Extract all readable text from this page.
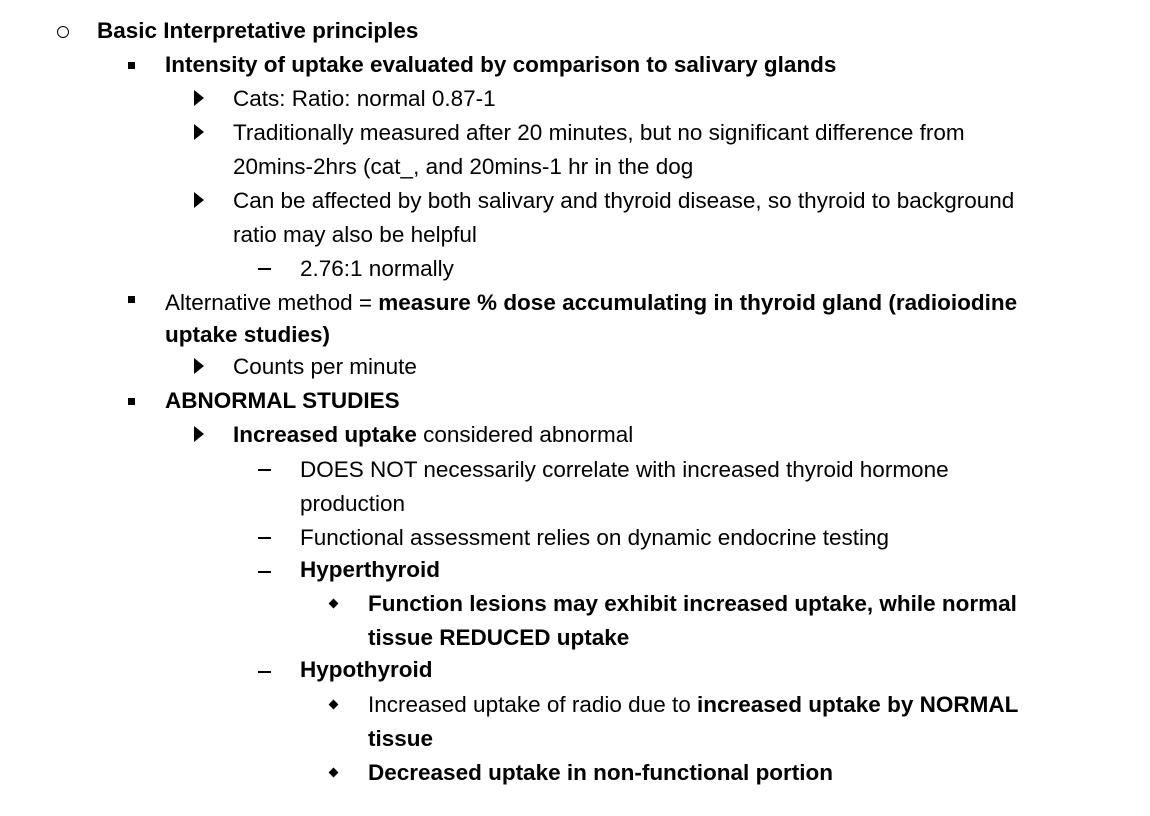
Basic Interpretative principles
Intensity of uptake evaluated by comparison to salivary glands
Cats: Ratio: normal 0.87-1
Traditionally measured after 20 minutes, but no significant difference from
20mins-2hrs (cat_, and 20mins-1 hr in the dog
Can be affected by both salivary and thyroid disease, so thyroid to background
ratio may also be helpful
2.76:1 normally
Alternative method = measure % dose accumulating in thyroid gland (radioiodine
uptake studies)
Counts per minute
ABNORMAL STUDIES
Increased uptake considered abnormal
DOES NOT necessarily correlate with increased thyroid hormone
production
Functional assessment relies on dynamic endocrine testing
Hyperthyroid
Function lesions may exhibit increased uptake, while normal
tissue REDUCED uptake
Hypothyroid
Increased uptake of radio due to increased uptake by NORMAL
tissue
Decreased uptake in non-functional portion
